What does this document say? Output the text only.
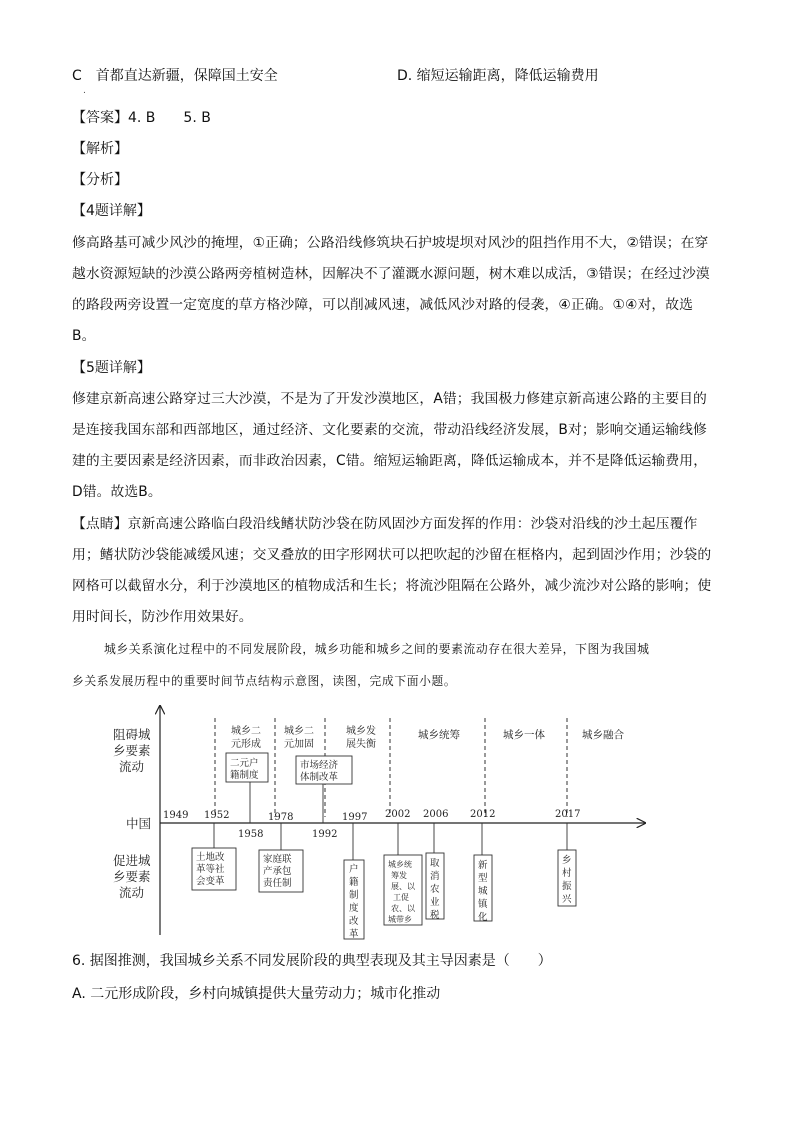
C　首都直达新疆，保障国土安全	D. 缩短运输距离，降低运输费用
.
【答案】4. B　　5. B
【解析】
【分析】
【4题详解】
修高路基可减少风沙的掩埋，①正确；公路沿线修筑块石护坡堤坝对风沙的阻挡作用不大，②错误；在穿
越水资源短缺的沙漠公路两旁植树造林，因解决不了灌溉水源问题，树木难以成活，③错误；在经过沙漠
的路段两旁设置一定宽度的草方格沙障，可以削减风速，减低风沙对路的侵袭，④正确。①④对，故选
B。
【5题详解】
修建京新高速公路穿过三大沙漠，不是为了开发沙漠地区，A错；我国极力修建京新高速公路的主要目的
是连接我国东部和西部地区，通过经济、文化要素的交流，带动沿线经济发展，B对；影响交通运输线修
建的主要因素是经济因素，而非政治因素，C错。缩短运输距离，降低运输成本，并不是降低运输费用，
D错。故选B。
【点睛】京新高速公路临白段沿线鳍状防沙袋在防风固沙方面发挥的作用：沙袋对沿线的沙土起压覆作
用；鳍状防沙袋能减缓风速；交叉叠放的田字形网状可以把吹起的沙留在框格内，起到固沙作用；沙袋的
网格可以截留水分，利于沙漠地区的植物成活和生长；将流沙阻隔在公路外，减少流沙对公路的影响；使
用时间长，防沙作用效果好。
城乡关系演化过程中的不同发展阶段，城乡功能和城乡之间的要素流动存在很大差异，下图为我国城
乡关系发展历程中的重要时间节点结构示意图，读图，完成下面小题。
阻碍城
乡要素
流动
中国
促进城
乡要素
流动
城乡二
元形成
城乡二
元加固
城乡发
展失衡
城乡统筹	城乡一体	城乡融合
1949 1952
1958
1978
1992
1997 2002 2006 2012	2017
二元户
籍制度
市场经济
体制改革
土地改
革等社
会变革
家庭联
产承包
责任制
户
籍
制
度
改
革
城乡统
筹发
展、以
工促
农、以
城带乡
取
消
农
业
税
新
型
城
镇
化
乡
村
振
兴
6. 据图推测，我国城乡关系不同发展阶段的典型表现及其主导因素是（　　）
A. 二元形成阶段，乡村向城镇提供大量劳动力；城市化推动
